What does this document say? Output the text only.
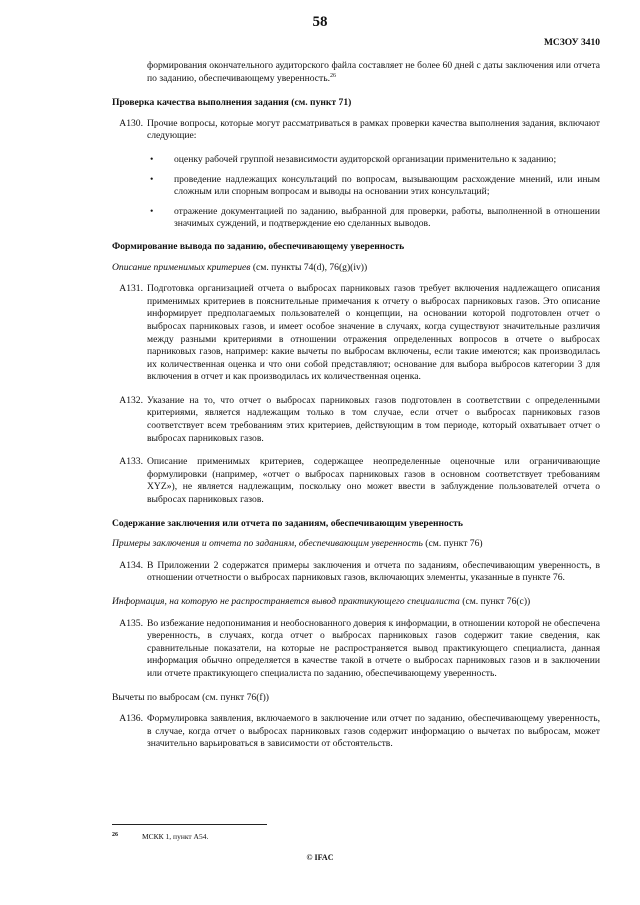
58
МСЗОУ 3410
формирования окончательного аудиторского файла составляет не более 60 дней с даты заключения или отчета по заданию, обеспечивающему уверенность.$^{26}$
Проверка качества выполнения задания (см. пункт 71)
А130. Прочие вопросы, которые могут рассматриваться в рамках проверки качества выполнения задания, включают следующие:
• оценку рабочей группой независимости аудиторской организации применительно к заданию;
• проведение надлежащих консультаций по вопросам, вызывающим расхождение мнений, или иным сложным или спорным вопросам и выводы на основании этих консультаций;
• отражение документацией по заданию, выбранной для проверки, работы, выполненной в отношении значимых суждений, и подтверждение ею сделанных выводов.
Формирование вывода по заданию, обеспечивающему уверенность
Описание применимых критериев (см. пункты 74(d), 76(g)(iv))
А131. Подготовка организацией отчета о выбросах парниковых газов требует включения надлежащего описания применимых критериев в пояснительные примечания к отчету о выбросах парниковых газов. Это описание информирует предполагаемых пользователей о концепции, на основании которой подготовлен отчет о выбросах парниковых газов, и имеет особое значение в случаях, когда существуют значительные различия между разными критериями в отношении отражения определенных вопросов в отчете о выбросах парниковых газов, например: какие вычеты по выбросам включены, если такие имеются; как производилась их количественная оценка и что они собой представляют; основание для выбора выбросов категории 3 для включения в отчет и как производилась их количественная оценка.
А132. Указание на то, что отчет о выбросах парниковых газов подготовлен в соответствии с определенными критериями, является надлежащим только в том случае, если отчет о выбросах парниковых газов соответствует всем требованиям этих критериев, действующим в том периоде, который охватывает отчет о выбросах парниковых газов.
А133. Описание применимых критериев, содержащее неопределенные оценочные или ограничивающие формулировки (например, «отчет о выбросах парниковых газов в основном соответствует требованиям XYZ»), не является надлежащим, поскольку оно может ввести в заблуждение пользователей отчета о выбросах парниковых газов.
Содержание заключения или отчета по заданиям, обеспечивающим уверенность
Примеры заключения и отчета по заданиям, обеспечивающим уверенность (см. пункт 76)
А134. В Приложении 2 содержатся примеры заключения и отчета по заданиям, обеспечивающим уверенность, в отношении отчетности о выбросах парниковых газов, включающих элементы, указанные в пункте 76.
Информация, на которую не распространяется вывод практикующего специалиста (см. пункт 76(с))
А135. Во избежание недопонимания и необоснованного доверия к информации, в отношении которой не обеспечена уверенность, в случаях, когда отчет о выбросах парниковых газов содержит такие сведения, как сравнительные показатели, на которые не распространяется вывод практикующего специалиста, данная информация обычно определяется в качестве такой в отчете о выбросах парниковых газов и в заключении или отчете практикующего специалиста по заданию, обеспечивающему уверенность.
Вычеты по выбросам (см. пункт 76(f))
А136. Формулировка заявления, включаемого в заключение или отчет по заданию, обеспечивающему уверенность, в случае, когда отчет о выбросах парниковых газов содержит информацию о вычетах по выбросам, может значительно варьироваться в зависимости от обстоятельств.
26	МСКК 1, пункт А54.
© IFAC
